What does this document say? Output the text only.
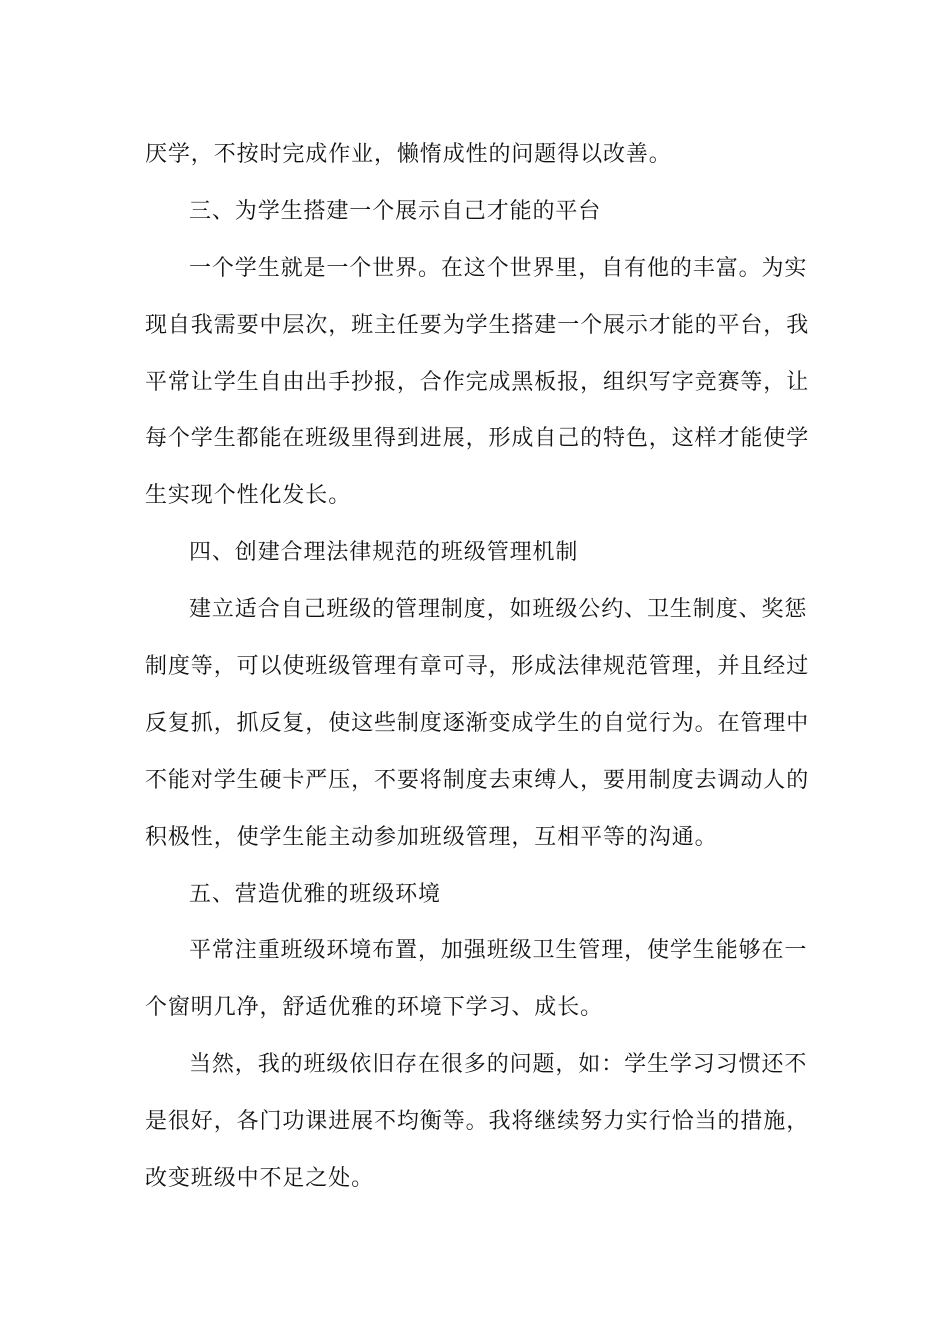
厌学，不按时完成作业，懒惰成性的问题得以改善。
三、为学生搭建一个展示自己才能的平台
一个学生就是一个世界。在这个世界里，自有他的丰富。为实
现自我需要中层次，班主任要为学生搭建一个展示才能的平台，我
平常让学生自由出手抄报，合作完成黑板报，组织写字竞赛等，让
每个学生都能在班级里得到进展，形成自己的特色，这样才能使学
生实现个性化发长。
四、创建合理法律规范的班级管理机制
建立适合自己班级的管理制度，如班级公约、卫生制度、奖惩
制度等，可以使班级管理有章可寻，形成法律规范管理，并且经过
反复抓，抓反复，使这些制度逐渐变成学生的自觉行为。在管理中
不能对学生硬卡严压，不要将制度去束缚人，要用制度去调动人的
积极性，使学生能主动参加班级管理，互相平等的沟通。
五、营造优雅的班级环境
平常注重班级环境布置，加强班级卫生管理，使学生能够在一
个窗明几净，舒适优雅的环境下学习、成长。
当然，我的班级依旧存在很多的问题，如：学生学习习惯还不
是很好，各门功课进展不均衡等。我将继续努力实行恰当的措施，
改变班级中不足之处。
